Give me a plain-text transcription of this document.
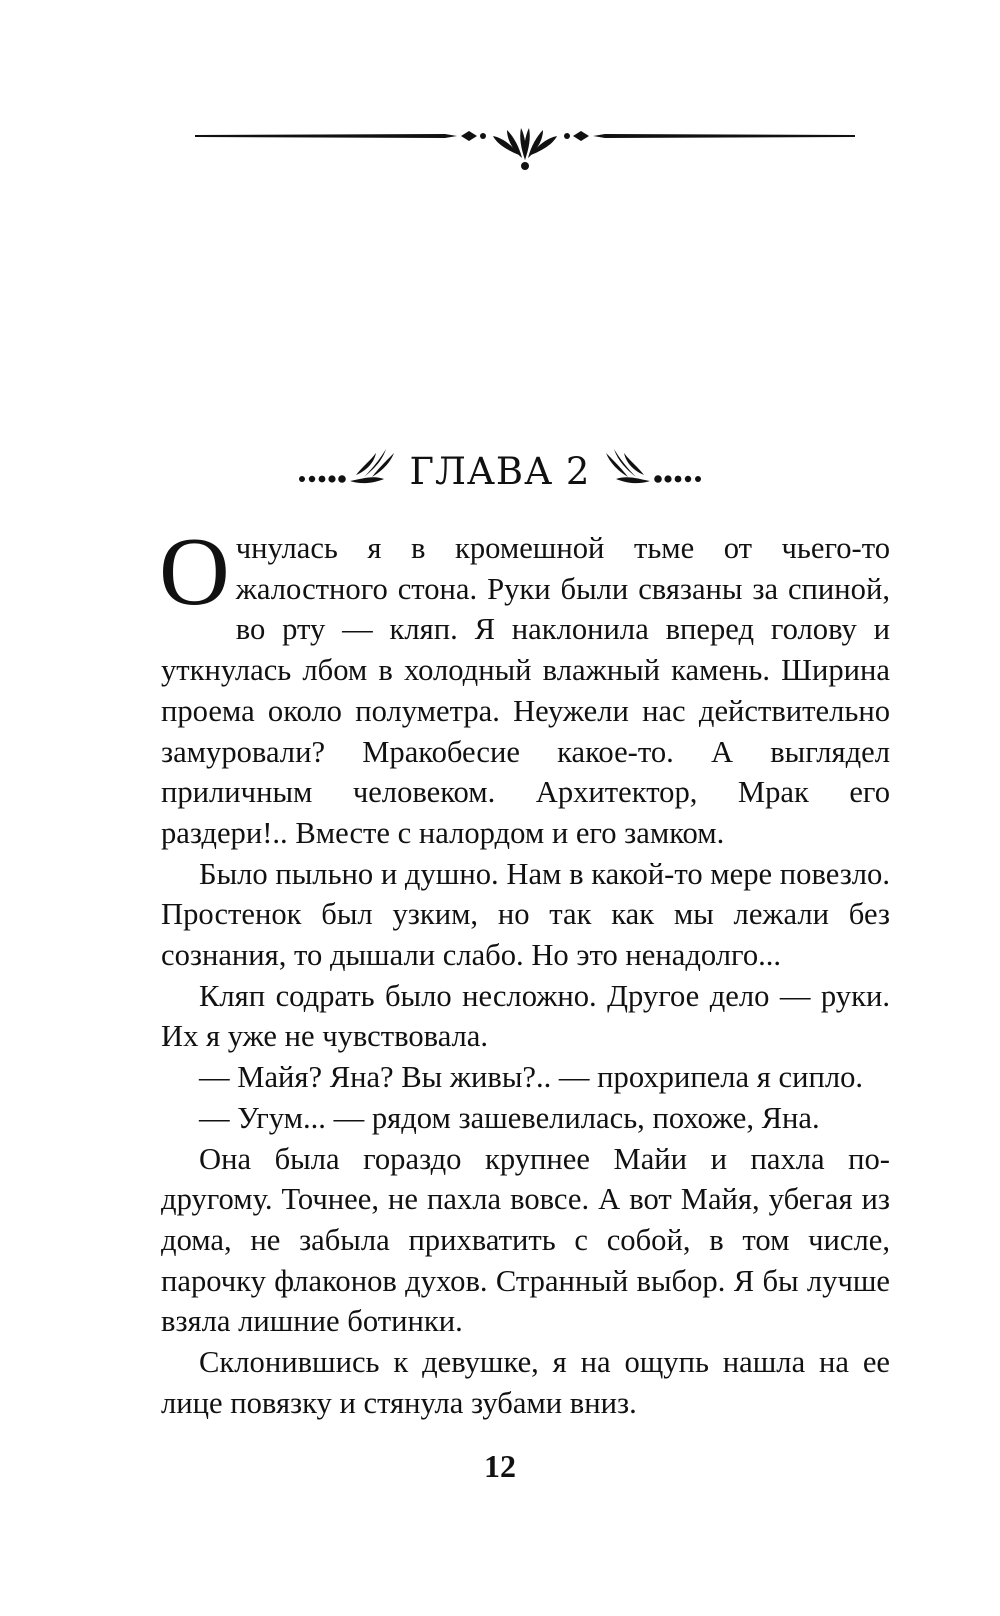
ГЛАВА 2

Очнулась я в кромешной тьме от чьего-то жалостного стона. Руки были связаны за спиной, во рту — кляп. Я наклонила вперед голову и уткнулась лбом в холодный влажный камень. Ширина проема около полуметра. Неужели нас действительно замуровали? Мракобесие какое-то. А выглядел приличным человеком. Архитектор, Мрак его раздери!.. Вместе с налордом и его замком.

Было пыльно и душно. Нам в какой-то мере повезло. Простенок был узким, но так как мы лежали без сознания, то дышали слабо. Но это ненадолго...

Кляп содрать было несложно. Другое дело — руки. Их я уже не чувствовала.

— Майя? Яна? Вы живы?.. — прохрипела я сипло.

— Угум... — рядом зашевелилась, похоже, Яна.

Она была гораздо крупнее Майи и пахла по-другому. Точнее, не пахла вовсе. А вот Майя, убегая из дома, не забыла прихватить с собой, в том числе, парочку флаконов духов. Странный выбор. Я бы лучше взяла лишние ботинки.

Склонившись к девушке, я на ощупь нашла на ее лице повязку и стянула зубами вниз.

12
